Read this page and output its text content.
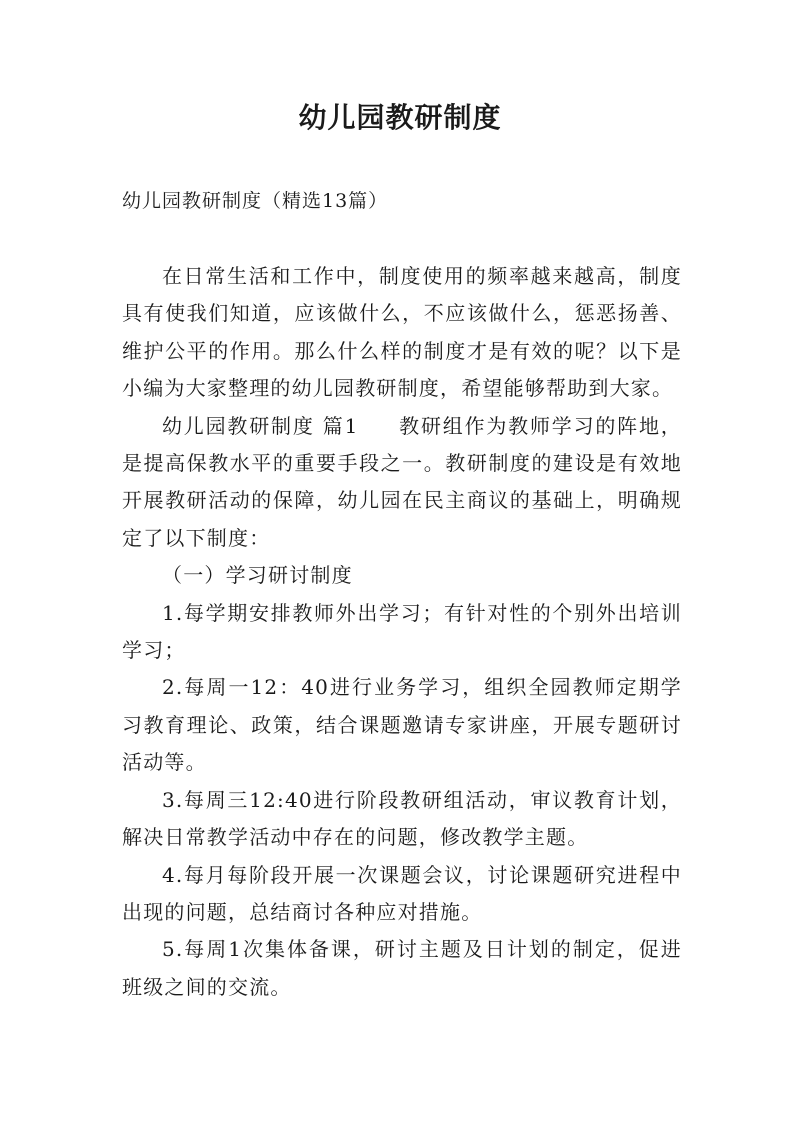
幼儿园教研制度

幼儿园教研制度（精选13篇）

在日常生活和工作中，制度使用的频率越来越高，制度具有使我们知道，应该做什么，不应该做什么，惩恶扬善、维护公平的作用。那么什么样的制度才是有效的呢？以下是小编为大家整理的幼儿园教研制度，希望能够帮助到大家。

幼儿园教研制度 篇1 教研组作为教师学习的阵地，是提高保教水平的重要手段之一。教研制度的建设是有效地开展教研活动的保障，幼儿园在民主商议的基础上，明确规定了以下制度：

（一）学习研讨制度

1.每学期安排教师外出学习；有针对性的个别外出培训学习；

2.每周一12：40进行业务学习，组织全园教师定期学习教育理论、政策，结合课题邀请专家讲座，开展专题研讨活动等。

3.每周三12:40进行阶段教研组活动，审议教育计划，解决日常教学活动中存在的问题，修改教学主题。

4.每月每阶段开展一次课题会议，讨论课题研究进程中出现的问题，总结商讨各种应对措施。

5.每周1次集体备课，研讨主题及日计划的制定，促进班级之间的交流。
